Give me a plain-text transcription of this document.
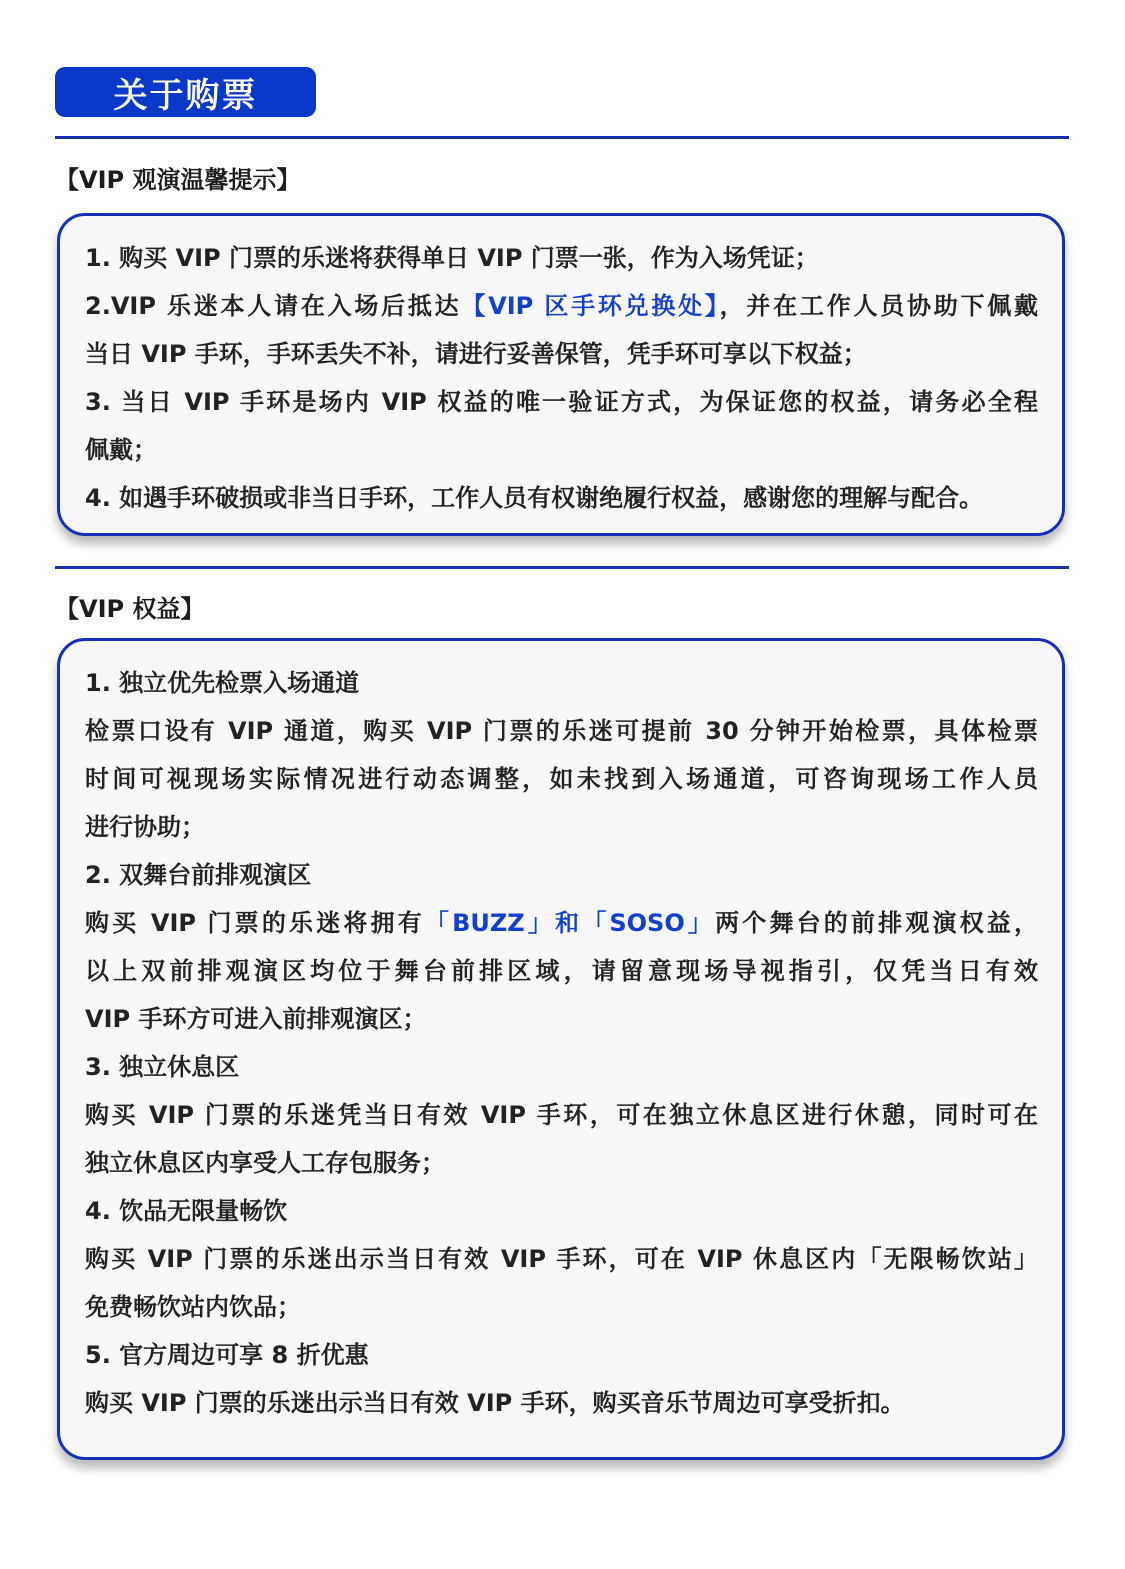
关于购票
【VIP 观演温馨提示】
1. 购买 VIP 门票的乐迷将获得单日 VIP 门票一张，作为入场凭证；
2.VIP 乐迷本人请在入场后抵达【VIP 区手环兑换处】，并在工作人员协助下佩戴
当日 VIP 手环，手环丢失不补，请进行妥善保管，凭手环可享以下权益；
3. 当日 VIP 手环是场内 VIP 权益的唯一验证方式，为保证您的权益，请务必全程
佩戴；
4. 如遇手环破损或非当日手环，工作人员有权谢绝履行权益，感谢您的理解与配合。
【VIP 权益】
1. 独立优先检票入场通道
检票口设有 VIP 通道，购买 VIP 门票的乐迷可提前 30 分钟开始检票，具体检票
时间可视现场实际情况进行动态调整，如未找到入场通道，可咨询现场工作人员
进行协助；
2. 双舞台前排观演区
购买 VIP 门票的乐迷将拥有「BUZZ」和「SOSO」两个舞台的前排观演权益，
以上双前排观演区均位于舞台前排区域，请留意现场导视指引，仅凭当日有效
VIP 手环方可进入前排观演区；
3. 独立休息区
购买 VIP 门票的乐迷凭当日有效 VIP 手环，可在独立休息区进行休憩，同时可在
独立休息区内享受人工存包服务；
4. 饮品无限量畅饮
购买 VIP 门票的乐迷出示当日有效 VIP 手环，可在 VIP 休息区内「无限畅饮站」
免费畅饮站内饮品；
5. 官方周边可享 8 折优惠
购买 VIP 门票的乐迷出示当日有效 VIP 手环，购买音乐节周边可享受折扣。
